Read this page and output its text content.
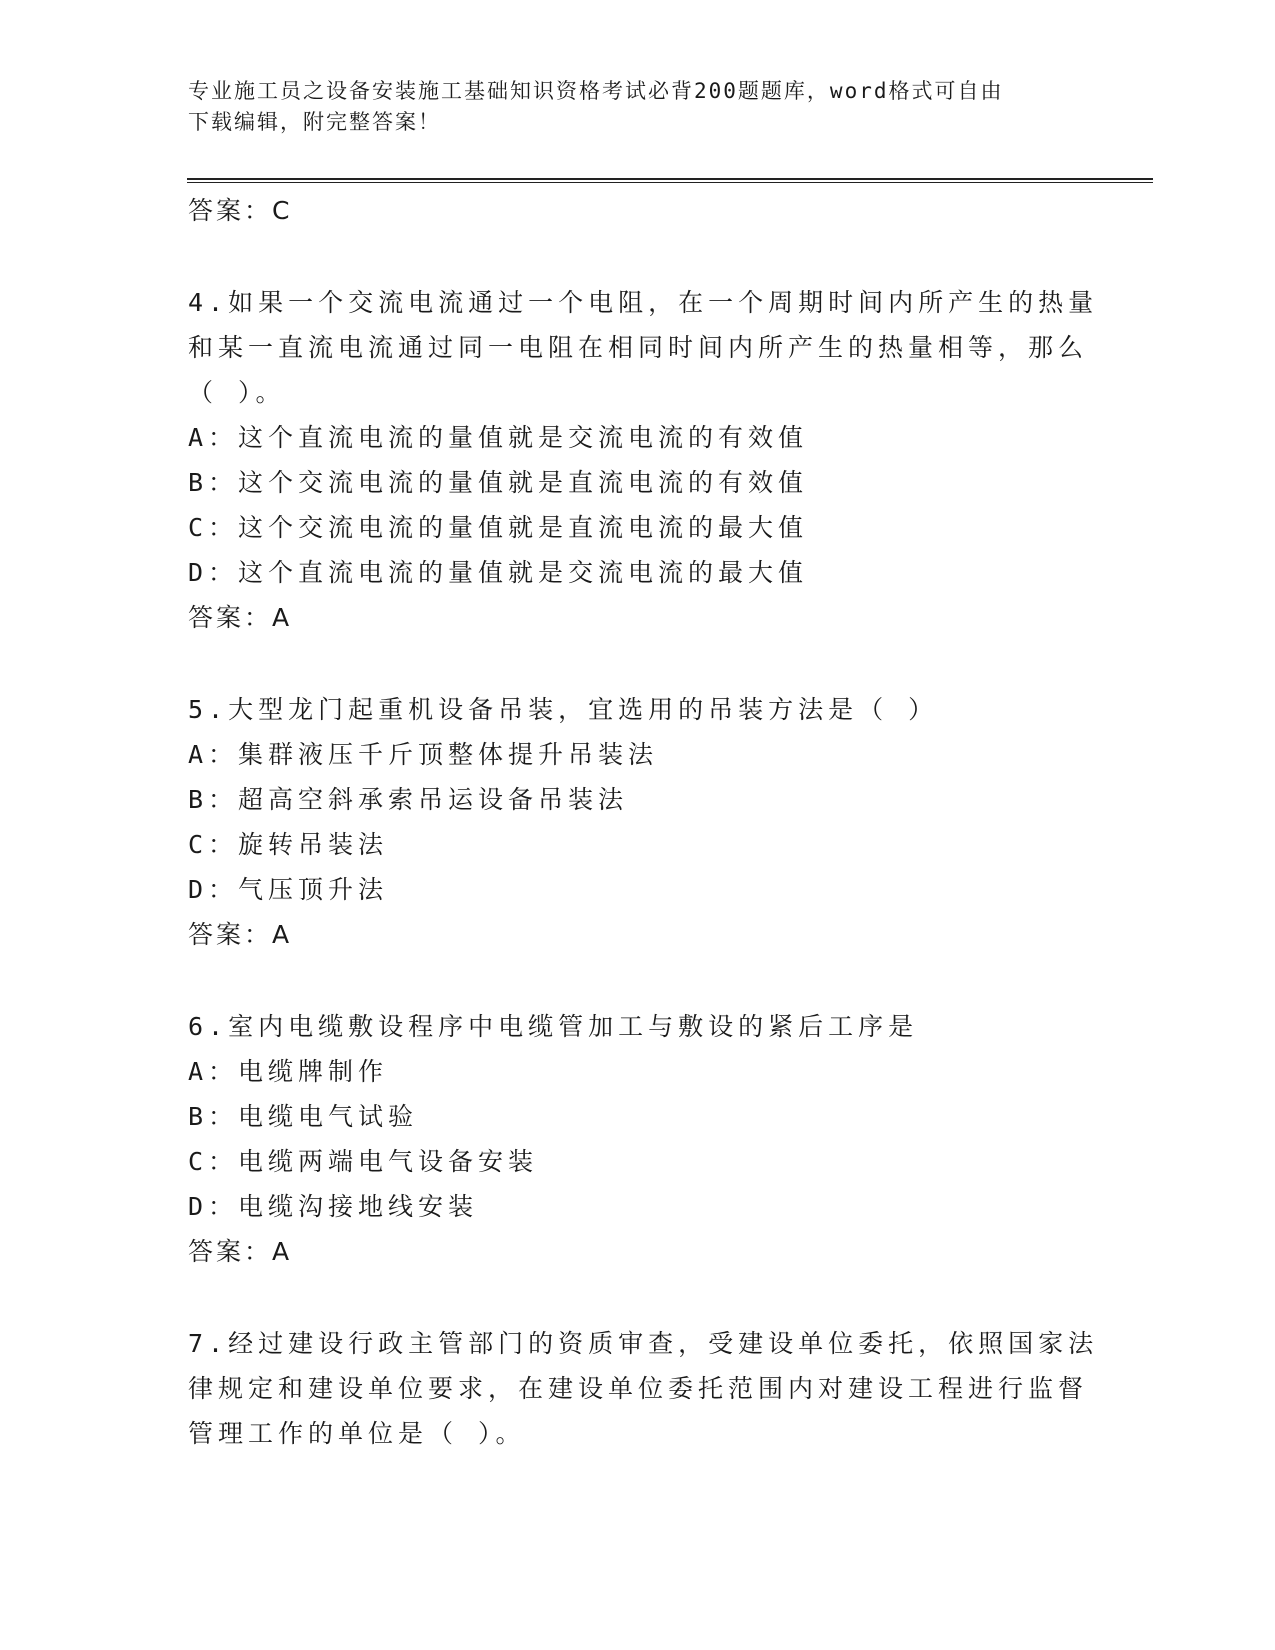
专业施工员之设备安装施工基础知识资格考试必背200题题库，word格式可自由

下载编辑，附完整答案！

答案：C
4.如果一个交流电流通过一个电阻，在一个周期时间内所产生的热量
和某一直流电流通过同一电阻在相同时间内所产生的热量相等，那么
（ ）。
A：这个直流电流的量值就是交流电流的有效值
B：这个交流电流的量值就是直流电流的有效值
C：这个交流电流的量值就是直流电流的最大值
D：这个直流电流的量值就是交流电流的最大值
答案：A
5.大型龙门起重机设备吊装，宜选用的吊装方法是（ ）
A：集群液压千斤顶整体提升吊装法
B：超高空斜承索吊运设备吊装法
C：旋转吊装法
D：气压顶升法
答案：A
6.室内电缆敷设程序中电缆管加工与敷设的紧后工序是
A：电缆牌制作
B：电缆电气试验
C：电缆两端电气设备安装
D：电缆沟接地线安装
答案：A
7.经过建设行政主管部门的资质审查，受建设单位委托，依照国家法
律规定和建设单位要求，在建设单位委托范围内对建设工程进行监督
管理工作的单位是（ ）。
